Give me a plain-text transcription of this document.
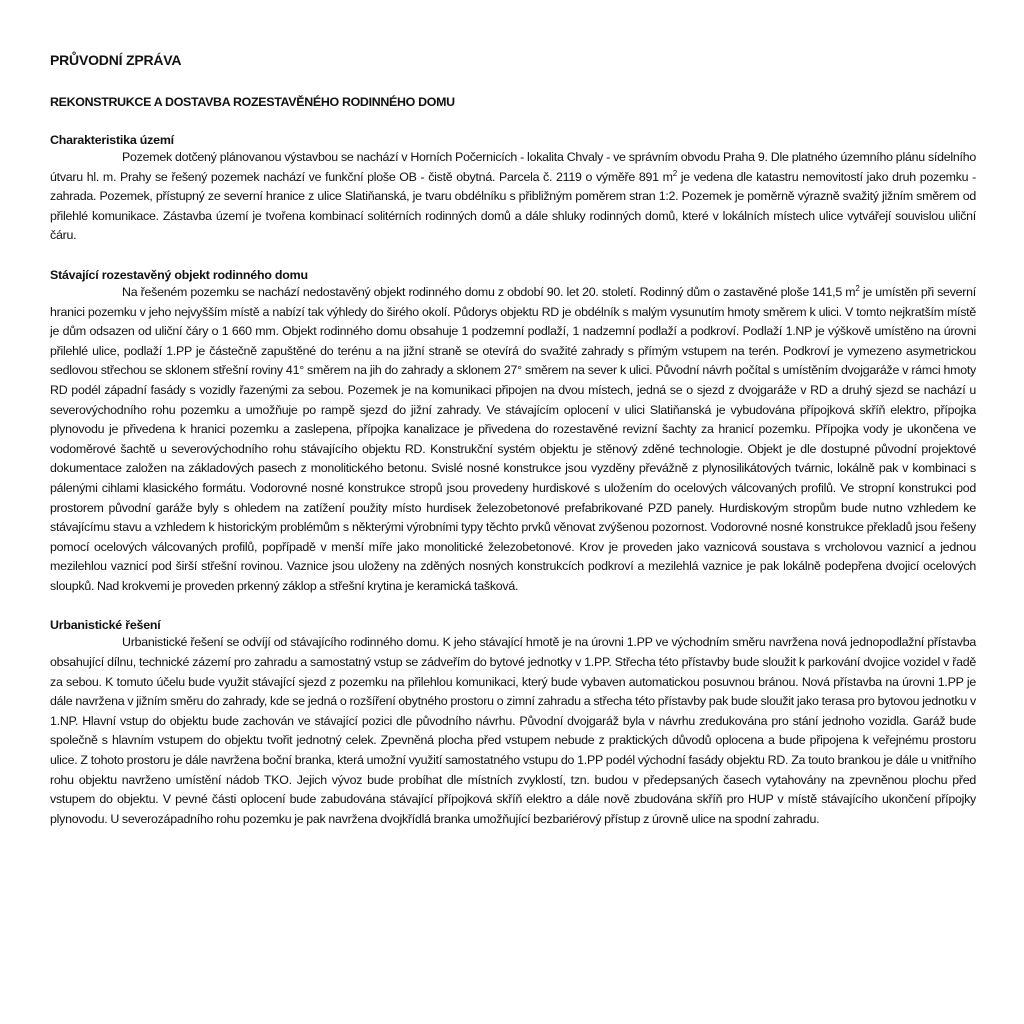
PRŮVODNÍ ZPRÁVA
REKONSTRUKCE A DOSTAVBA ROZESTAVĚNÉHO RODINNÉHO DOMU
Charakteristika území

Pozemek dotčený plánovanou výstavbou se nachází v Horních Počernicích - lokalita Chvaly - ve správním obvodu Praha 9. Dle platného územního plánu sídelního útvaru hl. m. Prahy se řešený pozemek nachází ve funkční ploše OB - čistě obytná. Parcela č. 2119 o výměře 891 $m^2$ je vedena dle katastru nemovitostí jako druh pozemku - zahrada. Pozemek, přístupný ze severní hranice z ulice Slatiňanská, je tvaru obdélníku s přibližným poměrem stran 1:2. Pozemek je poměrně výrazně svažitý jižním směrem od přilehlé komunikace. Zástavba území je tvořena kombinací solitérních rodinných domů a dále shluky rodinných domů, které v lokálních místech ulice vytvářejí souvislou uliční čáru.

Stávající rozestavěný objekt rodinného domu

Na řešeném pozemku se nachází nedostavěný objekt rodinného domu z období 90. let 20. století. Rodinný dům o zastavěné ploše 141,5 $m^2$ je umístěn při severní hranici pozemku v jeho nejvyšším místě a nabízí tak výhledy do širého okolí. Půdorys objektu RD je obdélník s malým vysunutím hmoty směrem k ulici. V tomto nejkratším místě je dům odsazen od uliční čáry o 1 660 mm. Objekt rodinného domu obsahuje 1 podzemní podlaží, 1 nadzemní podlaží a podkroví. Podlaží 1.NP je výškově umístěno na úrovni přilehlé ulice, podlaží 1.PP je částečně zapuštěné do terénu a na jižní straně se otevírá do svažité zahrady s přímým vstupem na terén. Podkroví je vymezeno asymetrickou sedlovou střechou se sklonem střešní roviny 41° směrem na jih do zahrady a sklonem 27° směrem na sever k ulici. Původní návrh počítal s umístěním dvojgaráže v rámci hmoty RD podél západní fasády s vozidly řazenými za sebou. Pozemek je na komunikaci připojen na dvou místech, jedná se o sjezd z dvojgaráže v RD a druhý sjezd se nachází u severovýchodního rohu pozemku a umožňuje po rampě sjezd do jižní zahrady. Ve stávajícím oplocení v ulici Slatiňanská je vybudována přípojková skříň elektro, přípojka plynovodu je přivedena k hranici pozemku a zaslepena, přípojka kanalizace je přivedena do rozestavěné revizní šachty za hranicí pozemku. Přípojka vody je ukončena ve vodoměrové šachtě u severovýchodního rohu stávajícího objektu RD. Konstrukční systém objektu je stěnový zděné technologie. Objekt je dle dostupné původní projektové dokumentace založen na základových pasech z monolitického betonu. Svislé nosné konstrukce jsou vyzděny převážně z plynosilikátových tvárnic, lokálně pak v kombinaci s pálenými cihlami klasického formátu. Vodorovné nosné konstrukce stropů jsou provedeny hurdiskové s uložením do ocelových válcovaných profilů. Ve stropní konstrukci pod prostorem původní garáže byly s ohledem na zatížení použity místo hurdisek železobetonové prefabrikované PZD panely. Hurdiskovým stropům bude nutno vzhledem ke stávajícímu stavu a vzhledem k historickým problémům s některými výrobními typy těchto prvků věnovat zvýšenou pozornost. Vodorovné nosné konstrukce překladů jsou řešeny pomocí ocelových válcovaných profilů, popřípadě v menší míře jako monolitické železobetonové. Krov je proveden jako vaznicová soustava s vrcholovou vaznicí a jednou mezilehlou vaznicí pod širší střešní rovinou. Vaznice jsou uloženy na zděných nosných konstrukcích podkroví a mezilehlá vaznice je pak lokálně podepřena dvojicí ocelových sloupků. Nad krokvemi je proveden prkenný záklop a střešní krytina je keramická tašková.

Urbanistické řešení

Urbanistické řešení se odvíjí od stávajícího rodinného domu. K jeho stávající hmotě je na úrovni 1.PP ve východním směru navržena nová jednopodlažní přístavba obsahující dílnu, technické zázemí pro zahradu a samostatný vstup se zádveřím do bytové jednotky v 1.PP. Střecha této přístavby bude sloužit k parkování dvojice vozidel v řadě za sebou. K tomuto účelu bude využit stávající sjezd z pozemku na přilehlou komunikaci, který bude vybaven automatickou posuvnou bránou. Nová přístavba na úrovni 1.PP je dále navržena v jižním směru do zahrady, kde se jedná o rozšíření obytného prostoru o zimní zahradu a střecha této přístavby pak bude sloužit jako terasa pro bytovou jednotku v 1.NP. Hlavní vstup do objektu bude zachován ve stávající pozici dle původního návrhu. Původní dvojgaráž byla v návrhu zredukována pro stání jednoho vozidla. Garáž bude společně s hlavním vstupem do objektu tvořit jednotný celek. Zpevněná plocha před vstupem nebude z praktických důvodů oplocena a bude připojena k veřejnému prostoru ulice. Z tohoto prostoru je dále navržena boční branka, která umožní využití samostatného vstupu do 1.PP podél východní fasády objektu RD. Za touto brankou je dále u vnitřního rohu objektu navrženo umístění nádob TKO. Jejich vývoz bude probíhat dle místních zvyklostí, tzn. budou v předepsaných časech vytahovány na zpevněnou plochu před vstupem do objektu. V pevné části oplocení bude zabudována stávající přípojková skříň elektro a dále nově zbudována skříň pro HUP v místě stávajícího ukončení přípojky plynovodu. U severozápadního rohu pozemku je pak navržena dvojkřídlá branka umožňující bezbariérový přístup z úrovně ulice na spodní zahradu.
